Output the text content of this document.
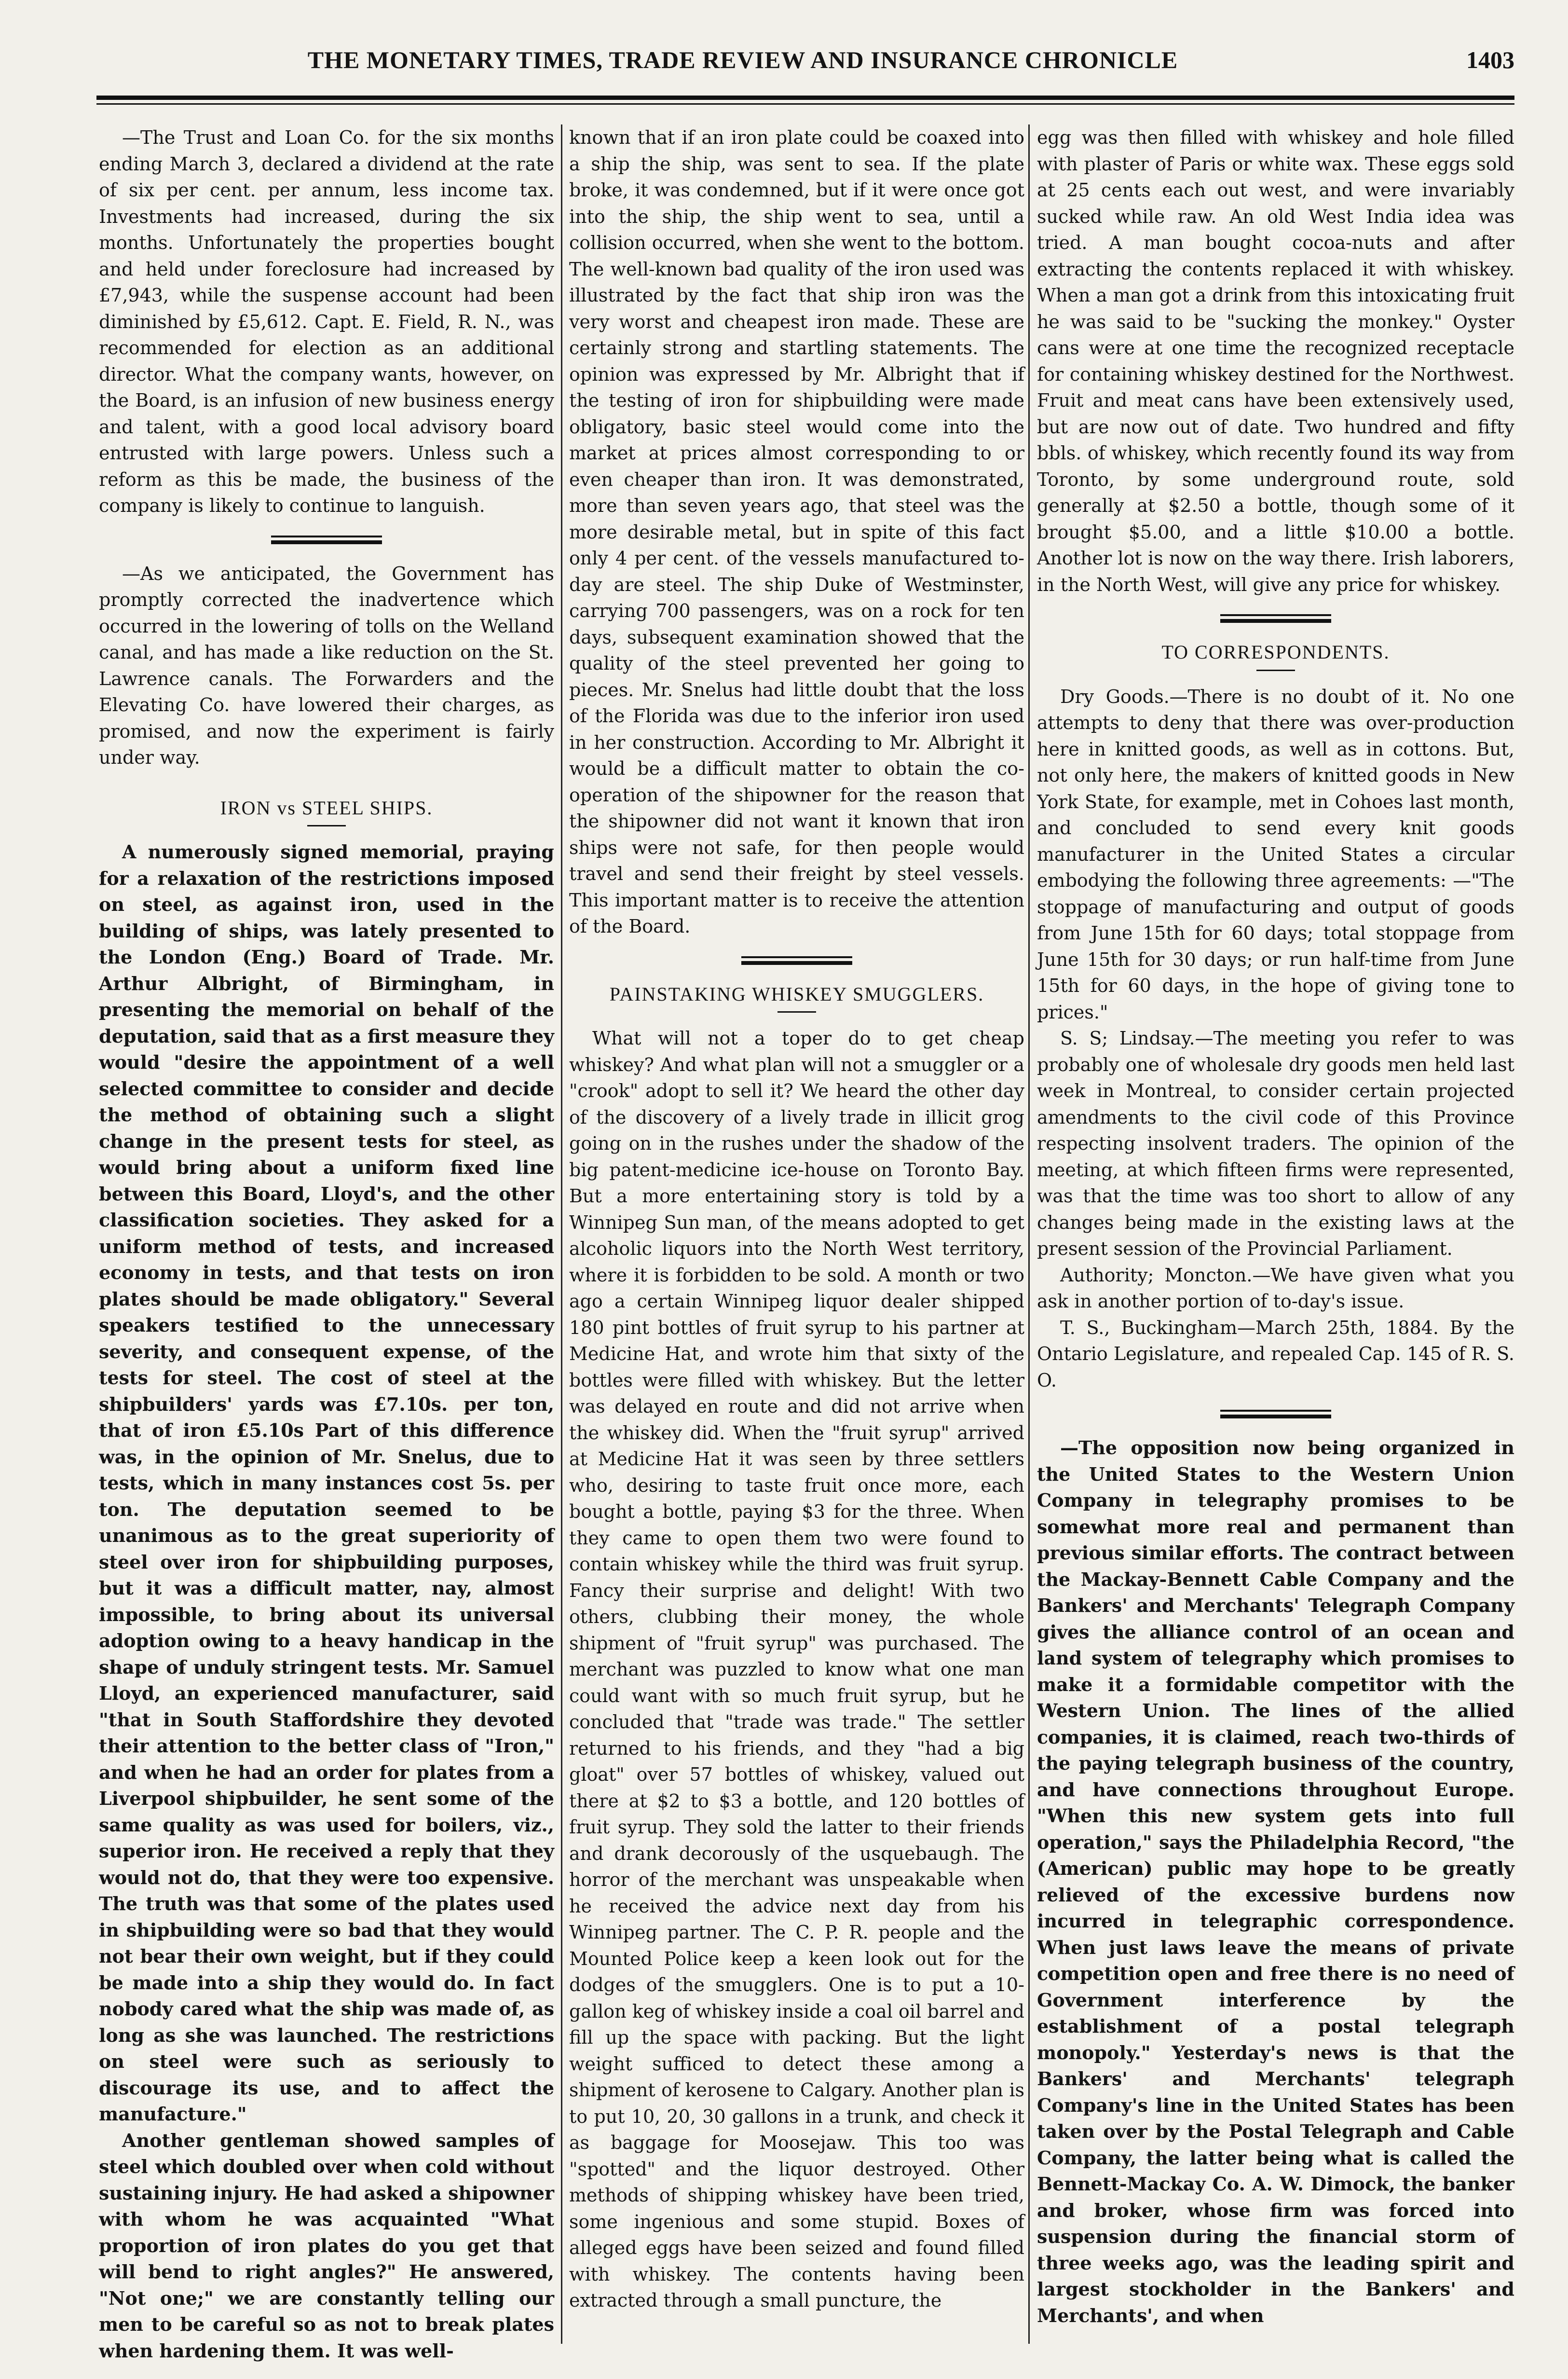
THE MONETARY TIMES, TRADE REVIEW AND INSURANCE CHRONICLE	1403

—The Trust and Loan Co. for the six months ending March 3, declared a dividend at the rate of six per cent. per annum, less income tax. Investments had increased, during the six months. Unfortunately the properties bought and held under foreclosure had increased by £7,943, while the suspense account had been diminished by £5,612. Capt. E. Field, R. N., was recommended for election as an additional director. What the company wants, however, on the Board, is an infusion of new business energy and talent, with a good local advisory board entrusted with large powers. Unless such a reform as this be made, the business of the company is likely to continue to languish.

—As we anticipated, the Government has promptly corrected the inadvertence which occurred in the lowering of tolls on the Welland canal, and has made a like reduction on the St. Lawrence canals. The Forwarders and the Elevating Co. have lowered their charges, as promised, and now the experiment is fairly under way.

IRON vs STEEL SHIPS.

A numerously signed memorial, praying for a relaxation of the restrictions imposed on steel, as against iron, used in the building of ships, was lately presented to the London (Eng.) Board of Trade. Mr. Arthur Albright, of Birmingham, in presenting the memorial on behalf of the deputation, said that as a first measure they would "desire the appointment of a well selected committee to consider and decide the method of obtaining such a slight change in the present tests for steel, as would bring about a uniform fixed line between this Board, Lloyd's, and the other classification societies. They asked for a uniform method of tests, and increased economy in tests, and that tests on iron plates should be made obligatory." Several speakers testified to the unnecessary severity, and consequent expense, of the tests for steel. The cost of steel at the shipbuilders' yards was £7.10s. per ton, that of iron £5.10s Part of this difference was, in the opinion of Mr. Snelus, due to tests, which in many instances cost 5s. per ton. The deputation seemed to be unanimous as to the great superiority of steel over iron for shipbuilding purposes, but it was a difficult matter, nay, almost impossible, to bring about its universal adoption owing to a heavy handicap in the shape of unduly stringent tests. Mr. Samuel Lloyd, an experienced manufacturer, said "that in South Staffordshire they devoted their attention to the better class of "Iron," and when he had an order for plates from a Liverpool shipbuilder, he sent some of the same quality as was used for boilers, viz., superior iron. He received a reply that they would not do, that they were too expensive. The truth was that some of the plates used in shipbuilding were so bad that they would not bear their own weight, but if they could be made into a ship they would do. In fact nobody cared what the ship was made of, as long as she was launched. The restrictions on steel were such as seriously to discourage its use, and to affect the manufacture."

Another gentleman showed samples of steel which doubled over when cold without sustaining injury. He had asked a shipowner with whom he was acquainted "What proportion of iron plates do you get that will bend to right angles?" He answered, "Not one;" we are constantly telling our men to be careful so as not to break plates when hardening them. It was well-

known that if an iron plate could be coaxed into a ship the ship, was sent to sea. If the plate broke, it was condemned, but if it were once got into the ship, the ship went to sea, until a collision occurred, when she went to the bottom. The well-known bad quality of the iron used was illustrated by the fact that ship iron was the very worst and cheapest iron made. These are certainly strong and startling statements. The opinion was expressed by Mr. Albright that if the testing of iron for shipbuilding were made obligatory, basic steel would come into the market at prices almost corresponding to or even cheaper than iron. It was demonstrated, more than seven years ago, that steel was the more desirable metal, but in spite of this fact only 4 per cent. of the vessels manufactured to-day are steel. The ship Duke of Westminster, carrying 700 passengers, was on a rock for ten days, subsequent examination showed that the quality of the steel prevented her going to pieces. Mr. Snelus had little doubt that the loss of the Florida was due to the inferior iron used in her construction. According to Mr. Albright it would be a difficult matter to obtain the co-operation of the shipowner for the reason that the shipowner did not want it known that iron ships were not safe, for then people would travel and send their freight by steel vessels. This important matter is to receive the attention of the Board.

PAINSTAKING WHISKEY SMUGGLERS.

What will not a toper do to get cheap whiskey? And what plan will not a smuggler or a "crook" adopt to sell it? We heard the other day of the discovery of a lively trade in illicit grog going on in the rushes under the shadow of the big patent-medicine ice-house on Toronto Bay. But a more entertaining story is told by a Winnipeg Sun man, of the means adopted to get alcoholic liquors into the North West territory, where it is forbidden to be sold. A month or two ago a certain Winnipeg liquor dealer shipped 180 pint bottles of fruit syrup to his partner at Medicine Hat, and wrote him that sixty of the bottles were filled with whiskey. But the letter was delayed en route and did not arrive when the whiskey did. When the "fruit syrup" arrived at Medicine Hat it was seen by three settlers who, desiring to taste fruit once more, each bought a bottle, paying $3 for the three. When they came to open them two were found to contain whiskey while the third was fruit syrup. Fancy their surprise and delight! With two others, clubbing their money, the whole shipment of "fruit syrup" was purchased. The merchant was puzzled to know what one man could want with so much fruit syrup, but he concluded that "trade was trade." The settler returned to his friends, and they "had a big gloat" over 57 bottles of whiskey, valued out there at $2 to $3 a bottle, and 120 bottles of fruit syrup. They sold the latter to their friends and drank decorously of the usquebaugh. The horror of the merchant was unspeakable when he received the advice next day from his Winnipeg partner. The C. P. R. people and the Mounted Police keep a keen look out for the dodges of the smugglers. One is to put a 10-gallon keg of whiskey inside a coal oil barrel and fill up the space with packing. But the light weight sufficed to detect these among a shipment of kerosene to Calgary. Another plan is to put 10, 20, 30 gallons in a trunk, and check it as baggage for Moosejaw. This too was "spotted" and the liquor destroyed. Other methods of shipping whiskey have been tried, some ingenious and some stupid. Boxes of alleged eggs have been seized and found filled with whiskey. The contents having been extracted through a small puncture, the

egg was then filled with whiskey and hole filled with plaster of Paris or white wax. These eggs sold at 25 cents each out west, and were invariably sucked while raw. An old West India idea was tried. A man bought cocoa-nuts and after extracting the contents replaced it with whiskey. When a man got a drink from this intoxicating fruit he was said to be "sucking the monkey." Oyster cans were at one time the recognized receptacle for containing whiskey destined for the Northwest. Fruit and meat cans have been extensively used, but are now out of date. Two hundred and fifty bbls. of whiskey, which recently found its way from Toronto, by some underground route, sold generally at $2.50 a bottle, though some of it brought $5.00, and a little $10.00 a bottle. Another lot is now on the way there. Irish laborers, in the North West, will give any price for whiskey.

TO CORRESPONDENTS.

Dry Goods.—There is no doubt of it. No one attempts to deny that there was over-production here in knitted goods, as well as in cottons. But, not only here, the makers of knitted goods in New York State, for example, met in Cohoes last month, and concluded to send every knit goods manufacturer in the United States a circular embodying the following three agreements: —"The stoppage of manufacturing and output of goods from June 15th for 60 days; total stoppage from June 15th for 30 days; or run half-time from June 15th for 60 days, in the hope of giving tone to prices."

S. S; Lindsay.—The meeting you refer to was probably one of wholesale dry goods men held last week in Montreal, to consider certain projected amendments to the civil code of this Province respecting insolvent traders. The opinion of the meeting, at which fifteen firms were represented, was that the time was too short to allow of any changes being made in the existing laws at the present session of the Provincial Parliament.

Authority; Moncton.—We have given what you ask in another portion of to-day's issue.

T. S., Buckingham—March 25th, 1884. By the Ontario Legislature, and repealed Cap. 145 of R. S. O.

—The opposition now being organized in the United States to the Western Union Company in telegraphy promises to be somewhat more real and permanent than previous similar efforts. The contract between the Mackay-Bennett Cable Company and the Bankers' and Merchants' Telegraph Company gives the alliance control of an ocean and land system of telegraphy which promises to make it a formidable competitor with the Western Union. The lines of the allied companies, it is claimed, reach two-thirds of the paying telegraph business of the country, and have connections throughout Europe. "When this new system gets into full operation," says the Philadelphia Record, "the (American) public may hope to be greatly relieved of the excessive burdens now incurred in telegraphic correspondence. When just laws leave the means of private competition open and free there is no need of Government interference by the establishment of a postal telegraph monopoly." Yesterday's news is that the Bankers' and Merchants' telegraph Company's line in the United States has been taken over by the Postal Telegraph and Cable Company, the latter being what is called the Bennett-Mackay Co. A. W. Dimock, the banker and broker, whose firm was forced into suspension during the financial storm of three weeks ago, was the leading spirit and largest stockholder in the Bankers' and Merchants', and when
